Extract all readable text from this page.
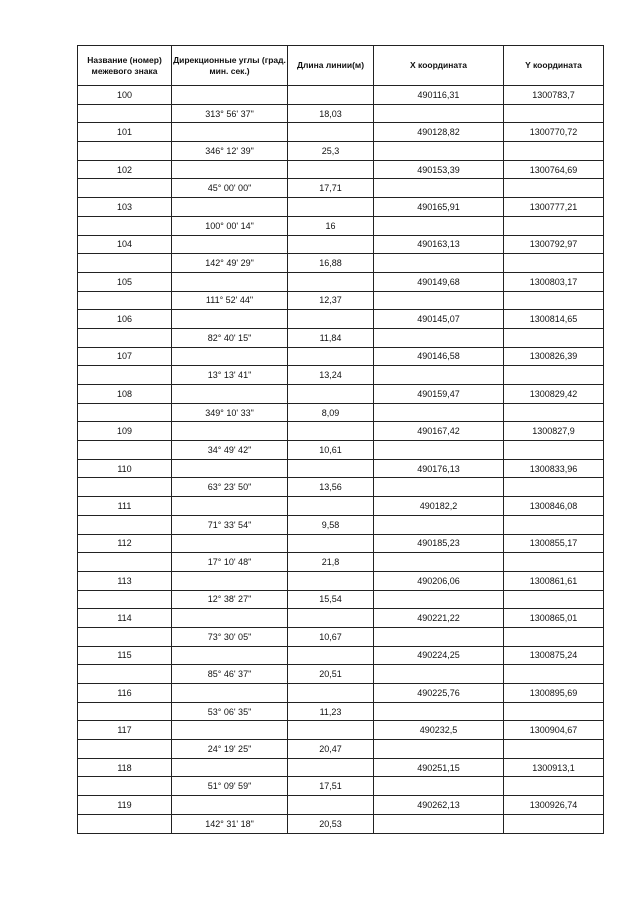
Название (номер) межевого знака	Дирекционные углы (град. мин. сек.)	Длина линии(м)	X координата	Y координата
100			490116,31	1300783,7
	313° 56' 37"	18,03		
101			490128,82	1300770,72
	346° 12' 39"	25,3		
102			490153,39	1300764,69
	45° 00' 00"	17,71		
103			490165,91	1300777,21
	100° 00' 14"	16		
104			490163,13	1300792,97
	142° 49' 29"	16,88		
105			490149,68	1300803,17
	111° 52' 44"	12,37		
106			490145,07	1300814,65
	82° 40' 15"	11,84		
107			490146,58	1300826,39
	13° 13' 41"	13,24		
108			490159,47	1300829,42
	349° 10' 33"	8,09		
109			490167,42	1300827,9
	34° 49' 42"	10,61		
110			490176,13	1300833,96
	63° 23' 50"	13,56		
111			490182,2	1300846,08
	71° 33' 54"	9,58		
112			490185,23	1300855,17
	17° 10' 48"	21,8		
113			490206,06	1300861,61
	12° 38' 27"	15,54		
114			490221,22	1300865,01
	73° 30' 05"	10,67		
115			490224,25	1300875,24
	85° 46' 37"	20,51		
116			490225,76	1300895,69
	53° 06' 35"	11,23		
117			490232,5	1300904,67
	24° 19' 25"	20,47		
118			490251,15	1300913,1
	51° 09' 59"	17,51		
119			490262,13	1300926,74
	142° 31' 18"	20,53		
